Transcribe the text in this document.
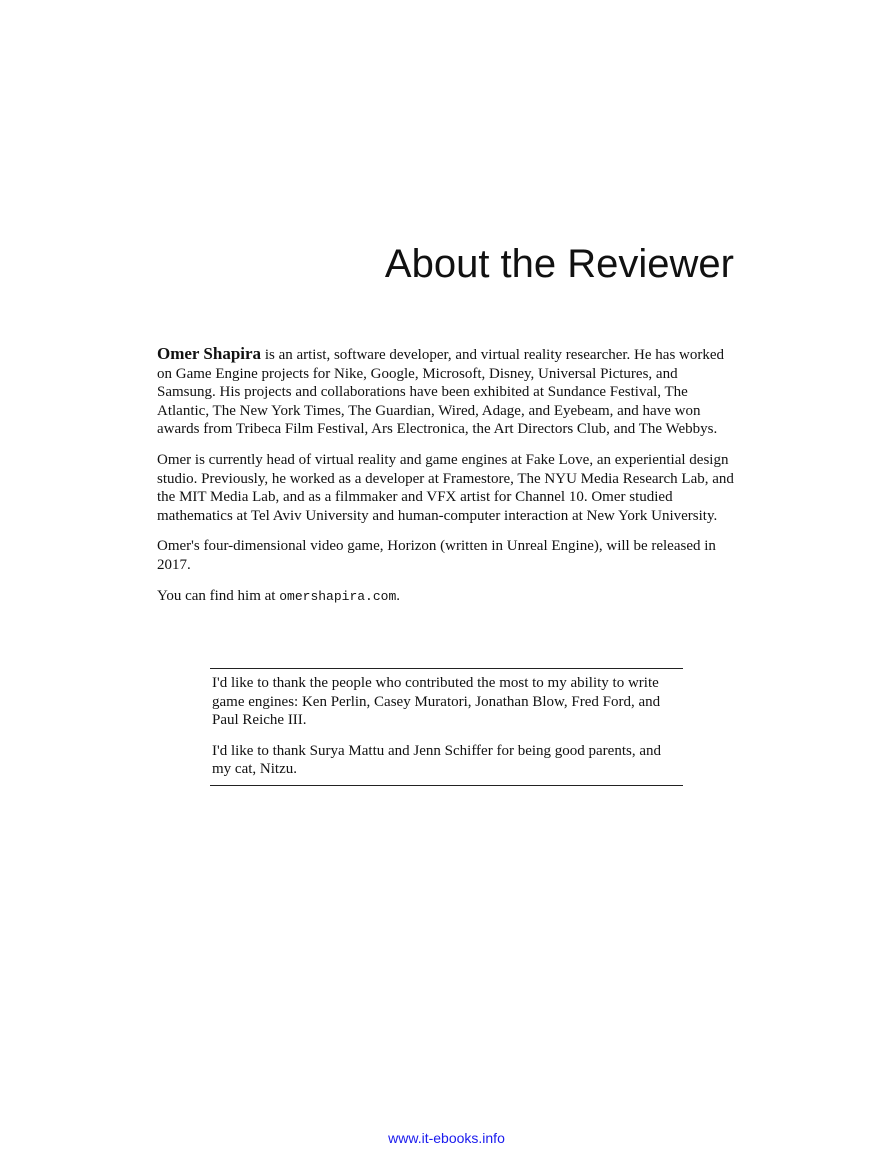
About the Reviewer

Omer Shapira is an artist, software developer, and virtual reality researcher. He has worked on Game Engine projects for Nike, Google, Microsoft, Disney, Universal Pictures, and Samsung. His projects and collaborations have been exhibited at Sundance Festival, The Atlantic, The New York Times, The Guardian, Wired, Adage, and Eyebeam, and have won awards from Tribeca Film Festival, Ars Electronica, the Art Directors Club, and The Webbys.

Omer is currently head of virtual reality and game engines at Fake Love, an experiential design studio. Previously, he worked as a developer at Framestore, The NYU Media Research Lab, and the MIT Media Lab, and as a filmmaker and VFX artist for Channel 10. Omer studied mathematics at Tel Aviv University and human-computer interaction at New York University.

Omer's four-dimensional video game, Horizon (written in Unreal Engine), will be released in 2017.

You can find him at omershapira.com.

I'd like to thank the people who contributed the most to my ability to write game engines: Ken Perlin, Casey Muratori, Jonathan Blow, Fred Ford, and Paul Reiche III.

I'd like to thank Surya Mattu and Jenn Schiffer for being good parents, and my cat, Nitzu.

www.it-ebooks.info
